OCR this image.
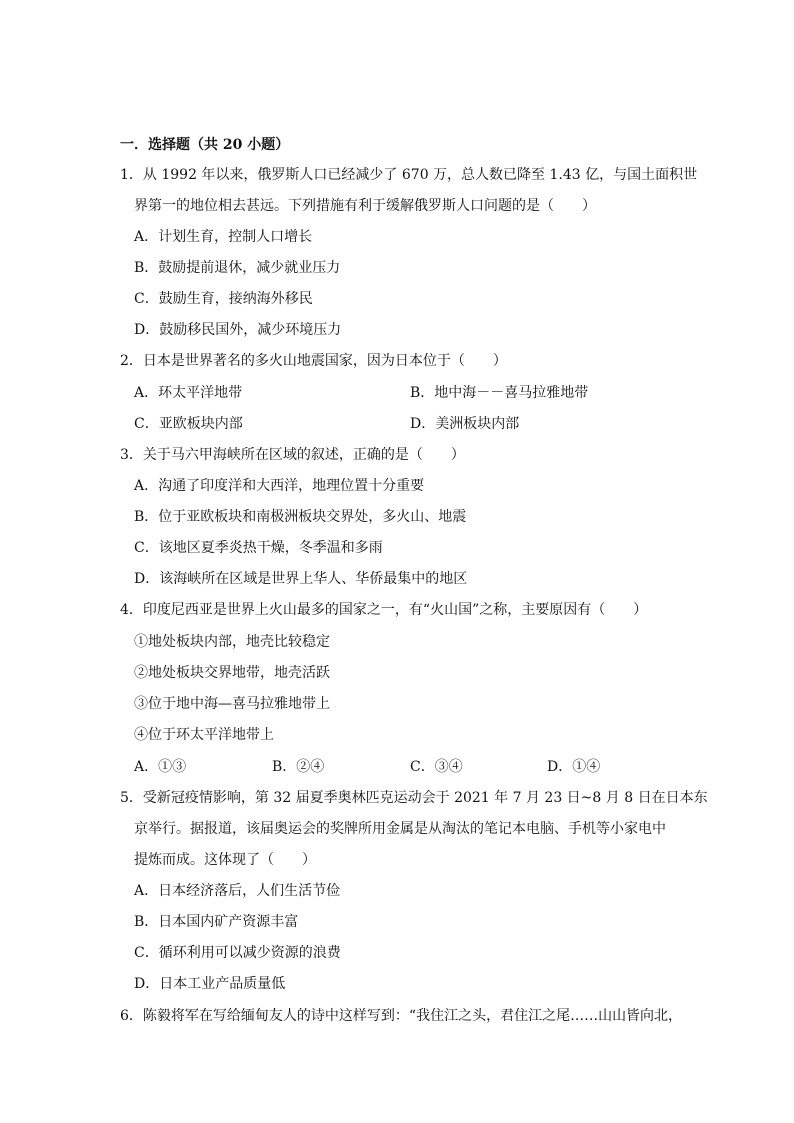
一．选择题（共 20 小题）
1．从 1992 年以来，俄罗斯人口已经减少了 670 万，总人数已降至 1.43 亿，与国土面积世
界第一的地位相去甚远。下列措施有利于缓解俄罗斯人口问题的是（　　）
A．计划生育，控制人口增长
B．鼓励提前退休，减少就业压力
C．鼓励生育，接纳海外移民
D．鼓励移民国外，减少环境压力
2．日本是世界著名的多火山地震国家，因为日本位于（　　）
A．环太平洋地带	B．地中海－－喜马拉雅地带
C．亚欧板块内部	D．美洲板块内部
3．关于马六甲海峡所在区域的叙述，正确的是（　　）
A．沟通了印度洋和大西洋，地理位置十分重要
B．位于亚欧板块和南极洲板块交界处，多火山、地震
C．该地区夏季炎热干燥，冬季温和多雨
D．该海峡所在区域是世界上华人、华侨最集中的地区
4．印度尼西亚是世界上火山最多的国家之一，有“火山国”之称，主要原因有（　　）
①地处板块内部，地壳比较稳定
②地处板块交界地带，地壳活跃
③位于地中海—喜马拉雅地带上
④位于环太平洋地带上
A．①③	B．②④	C．③④	D．①④
5．受新冠疫情影响，第 32 届夏季奥林匹克运动会于 2021 年 7 月 23 日~8 月 8 日在日本东
京举行。据报道，该届奥运会的奖牌所用金属是从淘汰的笔记本电脑、手机等小家电中
提炼而成。这体现了（　　）
A．日本经济落后，人们生活节俭
B．日本国内矿产资源丰富
C．循环利用可以减少资源的浪费
D．日本工业产品质量低
6．陈毅将军在写给缅甸友人的诗中这样写到：“我住江之头，君住江之尾……山山皆向北，
